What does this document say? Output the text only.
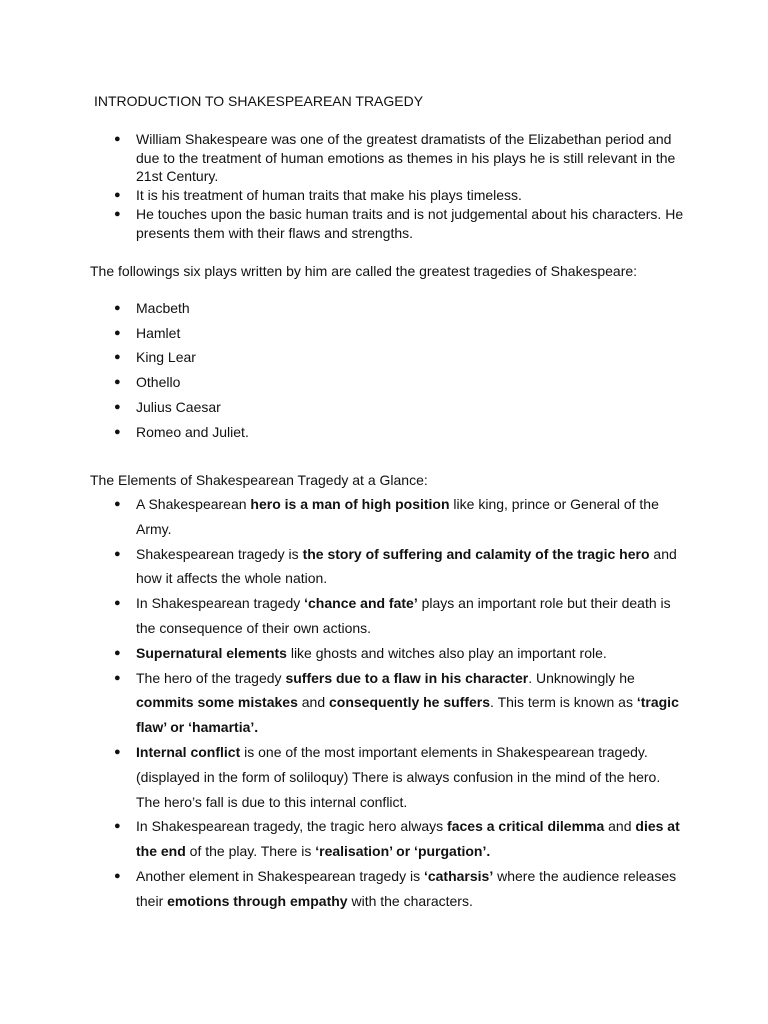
INTRODUCTION TO SHAKESPEAREAN TRAGEDY
● William Shakespeare was one of the greatest dramatists of the Elizabethan period and due to the treatment of human emotions as themes in his plays he is still relevant in the 21st Century.
● It is his treatment of human traits that make his plays timeless.
● He touches upon the basic human traits and is not judgemental about his characters. He presents them with their flaws and strengths.

The followings six plays written by him are called the greatest tragedies of Shakespeare:

● Macbeth
● Hamlet
● King Lear
● Othello
● Julius Caesar
● Romeo and Juliet.

The Elements of Shakespearean Tragedy at a Glance:

● A Shakespearean hero is a man of high position like king, prince or General of the Army.
● Shakespearean tragedy is the story of suffering and calamity of the tragic hero and how it affects the whole nation.
● In Shakespearean tragedy ‘chance and fate’ plays an important role but their death is the consequence of their own actions.
● Supernatural elements like ghosts and witches also play an important role.
● The hero of the tragedy suffers due to a flaw in his character. Unknowingly he commits some mistakes and consequently he suffers. This term is known as ‘tragic flaw’ or ‘hamartia’.
● Internal conflict is one of the most important elements in Shakespearean tragedy. (displayed in the form of soliloquy) There is always confusion in the mind of the hero. The hero’s fall is due to this internal conflict.
● In Shakespearean tragedy, the tragic hero always faces a critical dilemma and dies at the end of the play. There is ‘realisation’ or ‘purgation’.
● Another element in Shakespearean tragedy is ‘catharsis’ where the audience releases their emotions through empathy with the characters.
